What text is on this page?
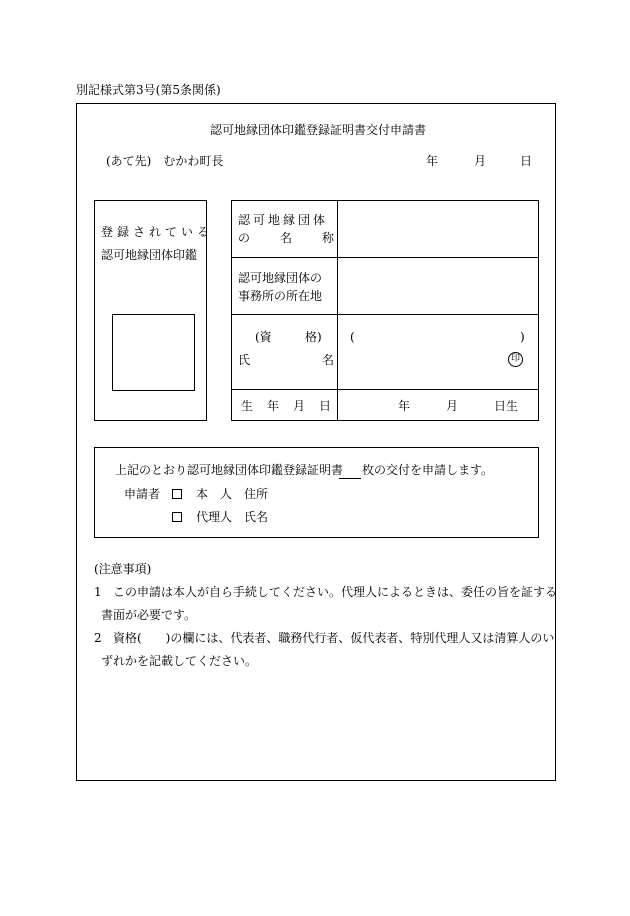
別記様式第3号(第5条関係)
認可地縁団体印鑑登録証明書交付申請書
(あて先)　むかわ町長	年	月	日
登録されている
認可地縁団体印鑑
認可地縁団体
の 名 称
認可地縁団体の
事務所の所在地
(資	格) (	)
氏	名	印
生 年 月 日	年	月	日生
上記のとおり認可地縁団体印鑑登録証明書 枚の交付を申請します。
申請者	本 人 住所
代理人 氏名
(注意事項)
1 この申請は本人が自ら手続してください。代理人によるときは、委任の旨を証する
書面が必要です。
2 資格(　　)の欄には、代表者、職務代行者、仮代表者、特別代理人又は清算人のい
ずれかを記載してください。
